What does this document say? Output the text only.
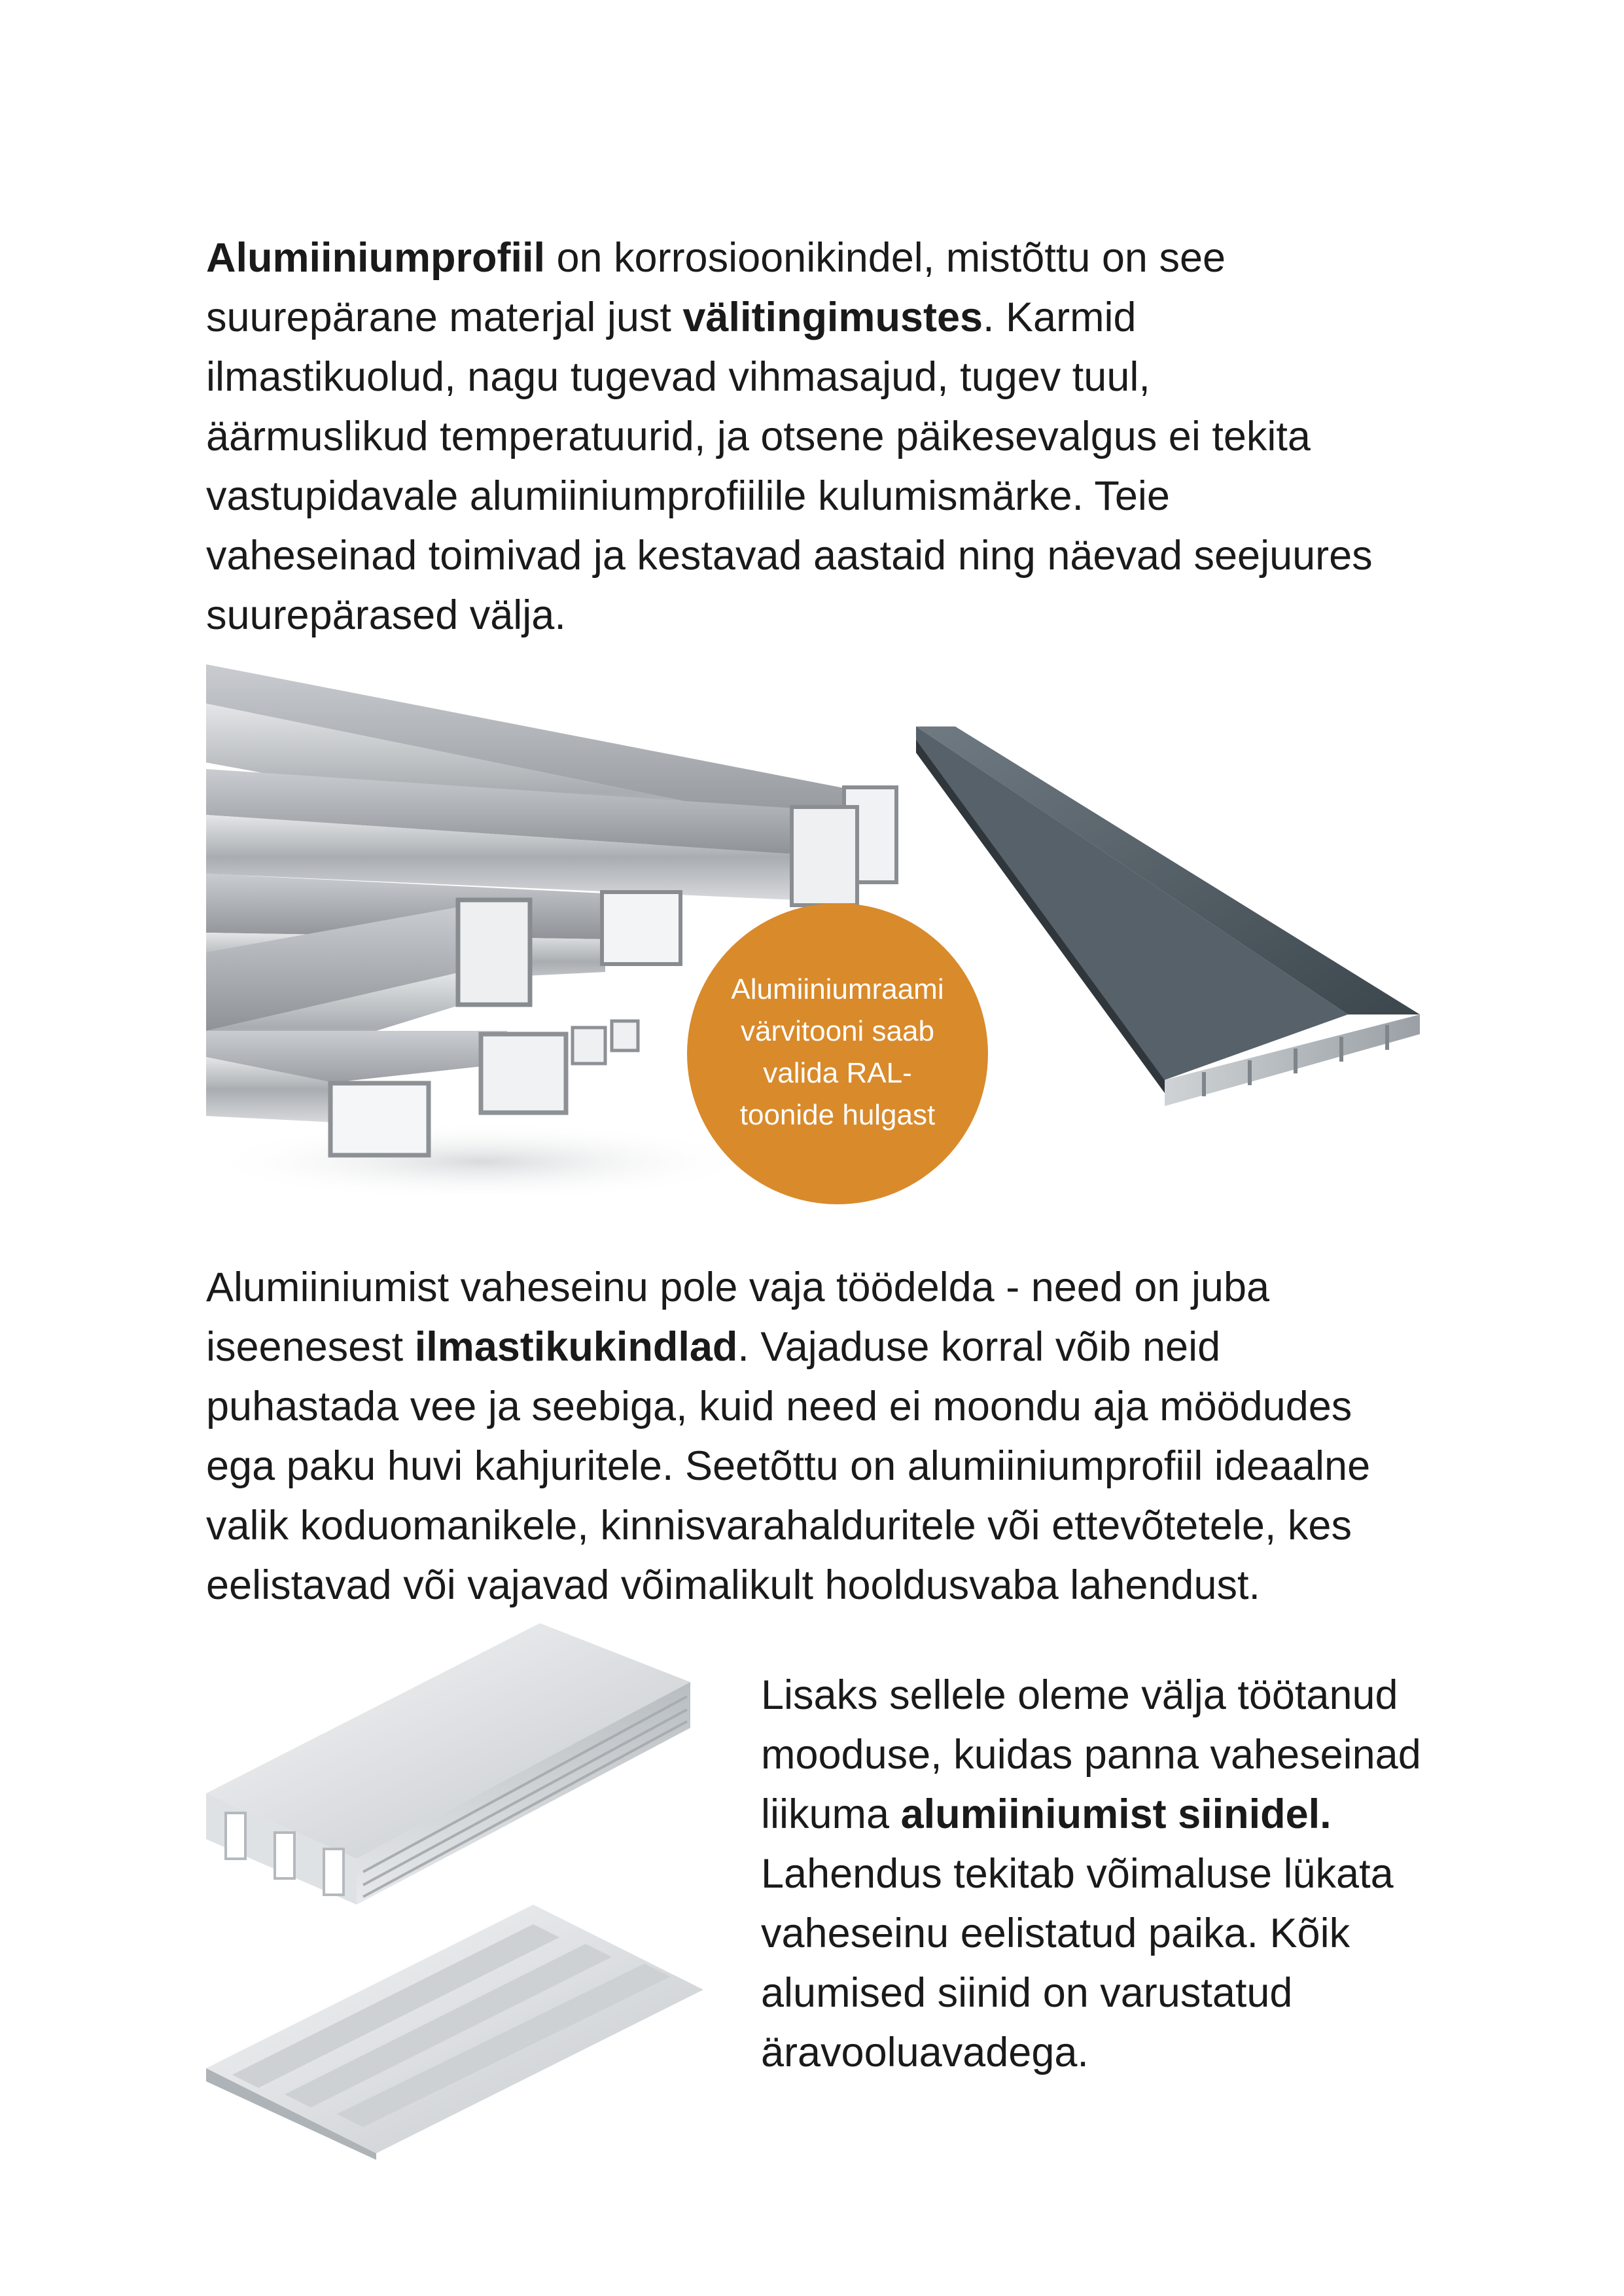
Alumiiniumprofiil on korrosioonikindel, mistõttu on see
suurepärane materjal just välitingimustes. Karmid
ilmastikuolud, nagu tugevad vihmasajud, tugev tuul,
äärmuslikud temperatuurid, ja otsene päikesevalgus ei tekita
vastupidavale alumiiniumprofiilile kulumismärke. Teie
vaheseinad toimivad ja kestavad aastaid ning näevad seejuures
suurepärased välja.
Alumiiniumraami
värvitooni saab
valida RAL-
toonide hulgast
Alumiiniumist vaheseinu pole vaja töödelda - need on juba
iseenesest ilmastikukindlad. Vajaduse korral võib neid
puhastada vee ja seebiga, kuid need ei moondu aja möödudes
ega paku huvi kahjuritele. Seetõttu on alumiiniumprofiil ideaalne
valik koduomanikele, kinnisvarahalduritele või ettevõtetele, kes
eelistavad või vajavad võimalikult hooldusvaba lahendust.
Lisaks sellele oleme välja töötanud
mooduse, kuidas panna vaheseinad
liikuma alumiiniumist siinidel.
Lahendus tekitab võimaluse lükata
vaheseinu eelistatud paika. Kõik
alumised siinid on varustatud
äravooluavadega.
